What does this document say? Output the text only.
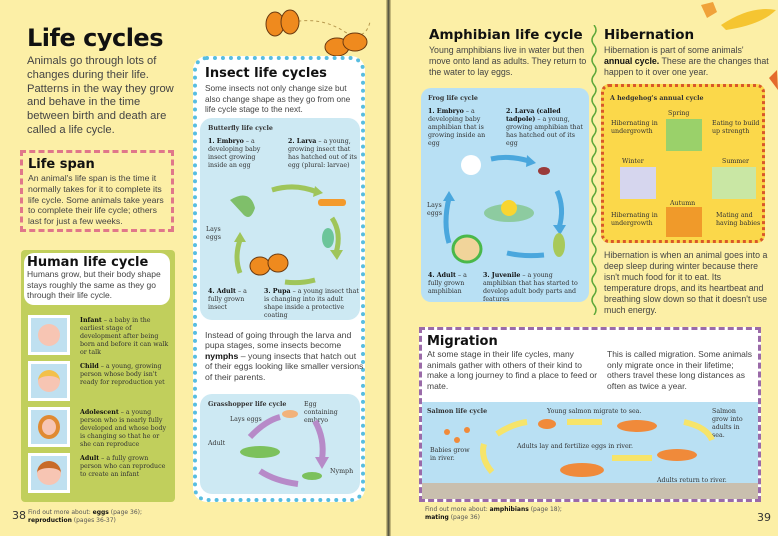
Life cycles
Animals go through lots of changes during their life. Patterns in the way they grow and behave in the time between birth and death are called a life cycle.
Life span
An animal's life span is the time it normally takes for it to complete its life cycle. Some animals take years to complete their life cycle; others last for just a few weeks.
Human life cycle
Humans grow, but their body shape stays roughly the same as they go through their life cycle.
Infant – a baby in the earliest stage of development after being born and before it can walk or talk
Child – a young, growing person whose body isn't ready for reproduction yet
Adolescent – a young person who is nearly fully developed and whose body is changing so that he or she can reproduce
Adult – a fully grown person who can reproduce to create an infant
Insect life cycles
Some insects not only change size but also change shape as they go from one life cycle stage to the next.
Butterfly life cycle
1. Embryo – a developing baby insect growing inside an egg
2. Larva – a young, growing insect that has hatched out of its egg (plural: larvae)
Lays eggs
4. Adult – a fully grown insect
3. Pupa – a young insect that is changing into its adult shape inside a protective coating
Instead of going through the larva and pupa stages, some insects become nymphs – young insects that hatch out of their eggs looking like smaller versions of their parents.
Grasshopper life cycle	Egg containing embryo
Lays eggs
Adult
Nymph
38 Find out more about: eggs (page 36);
reproduction (pages 36-37)
Amphibian life cycle
Young amphibians live in water but then move onto land as adults. They return to the water to lay eggs.
Frog life cycle
1. Embryo – a developing baby amphibian that is growing inside an egg
2. Larva (called tadpole) – a young, growing amphibian that has hatched out of its egg
Lays eggs
4. Adult – a fully grown amphibian
3. Juvenile – a young amphibian that has started to develop adult body parts and features
Hibernation
Hibernation is part of some animals' annual cycle. These are the changes that happen to it over one year.
A hedgehog's annual cycle
Spring
Summer
Autumn
Winter
Hibernating in undergrowth
Eating to build up strength
Mating and having babies
Hibernating in undergrowth
Hibernation is when an animal goes into a deep sleep during winter because there isn't much food for it to eat. Its temperature drops, and its heartbeat and breathing slow down so that it doesn't use much energy.
Migration
At some stage in their life cycles, many animals gather with others of their kind to make a long journey to find a place to feed or mate.
This is called migration. Some animals only migrate once in their lifetime; others travel these long distances as often as twice a year.
Salmon life cycle	Young salmon migrate to sea.	Salmon grow into adults in sea.
Adults return to river.
Adults lay and fertilize eggs in river.
Babies grow in river.
Find out more about: amphibians (page 18);
mating (page 36)	39
